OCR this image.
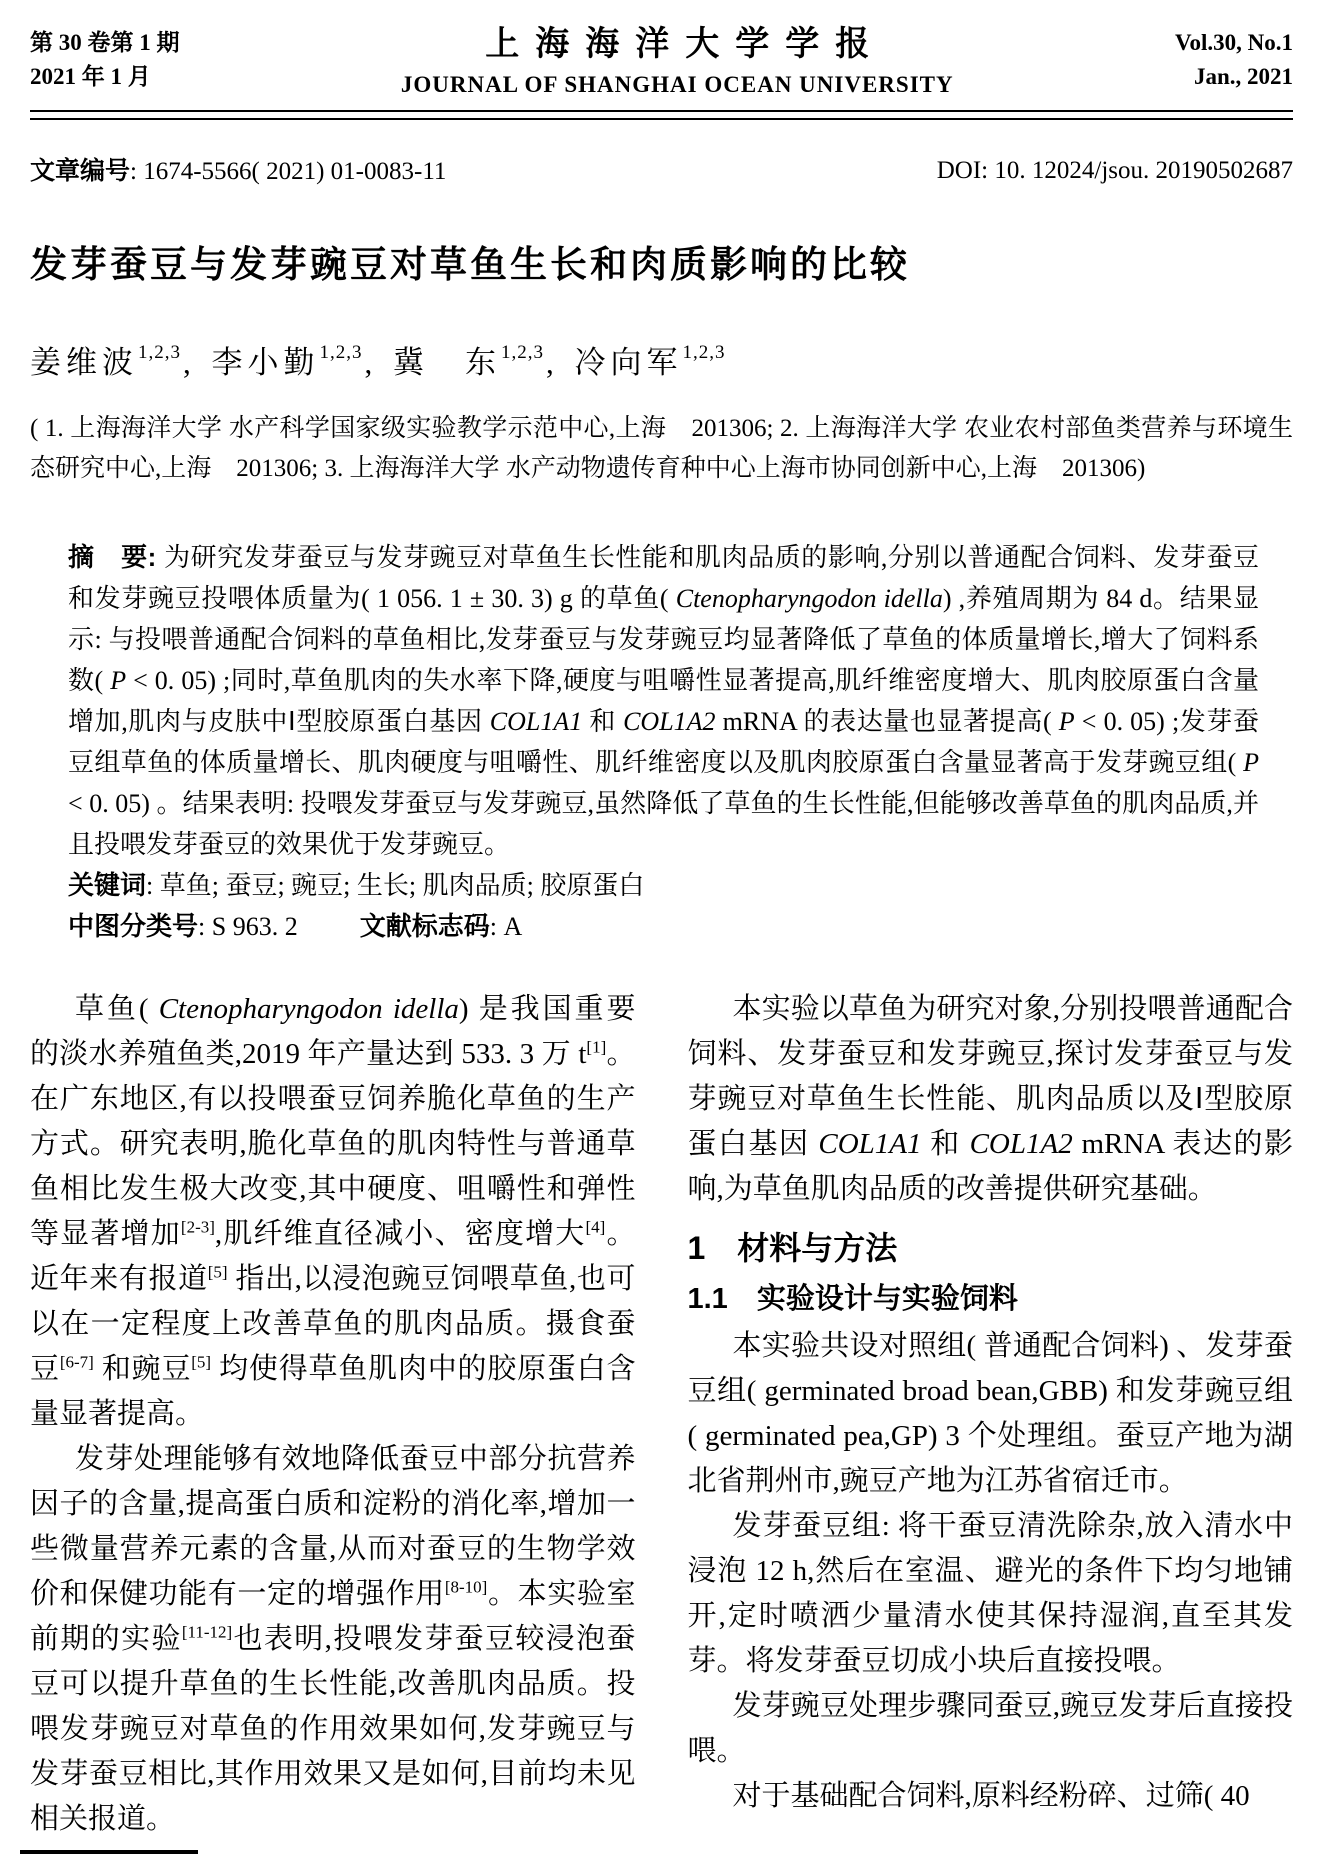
第 30 卷第 1 期
2021 年 1 月
上海海洋大学学报
JOURNAL OF SHANGHAI OCEAN UNIVERSITY
Vol.30, No.1
Jan., 2021
文章编号: 1674-5566( 2021) 01-0083-11	DOI: 10. 12024/jsou. 20190502687
发芽蚕豆与发芽豌豆对草鱼生长和肉质影响的比较
姜维波$^{1,2,3}$, 李小勤$^{1,2,3}$, 冀　东$^{1,2,3}$, 冷向军$^{1,2,3}$
( 1. 上海海洋大学 水产科学国家级实验教学示范中心,上海　201306; 2. 上海海洋大学 农业农村部鱼类营养与环境生态研究中心,上海　201306; 3. 上海海洋大学 水产动物遗传育种中心上海市协同创新中心,上海　201306)
摘　要: 为研究发芽蚕豆与发芽豌豆对草鱼生长性能和肌肉品质的影响,分别以普通配合饲料、发芽蚕豆和发芽豌豆投喂体质量为( 1 056. 1 ± 30. 3) g 的草鱼( Ctenopharyngodon idella) ,养殖周期为 84 d。结果显示: 与投喂普通配合饲料的草鱼相比,发芽蚕豆与发芽豌豆均显著降低了草鱼的体质量增长,增大了饲料系数( P < 0. 05) ;同时,草鱼肌肉的失水率下降,硬度与咀嚼性显著提高,肌纤维密度增大、肌肉胶原蛋白含量增加,肌肉与皮肤中Ⅰ型胶原蛋白基因 COL1A1 和 COL1A2 mRNA 的表达量也显著提高( P < 0. 05) ;发芽蚕豆组草鱼的体质量增长、肌肉硬度与咀嚼性、肌纤维密度以及肌肉胶原蛋白含量显著高于发芽豌豆组( P < 0. 05) 。结果表明: 投喂发芽蚕豆与发芽豌豆,虽然降低了草鱼的生长性能,但能够改善草鱼的肌肉品质,并且投喂发芽蚕豆的效果优于发芽豌豆。
关键词: 草鱼; 蚕豆; 豌豆; 生长; 肌肉品质; 胶原蛋白
中图分类号: S 963. 2 文献标志码: A

草鱼( Ctenopharyngodon idella) 是我国重要的淡水养殖鱼类,2019 年产量达到 533. 3 万 t[1]。在广东地区,有以投喂蚕豆饲养脆化草鱼的生产方式。研究表明,脆化草鱼的肌肉特性与普通草鱼相比发生极大改变,其中硬度、咀嚼性和弹性等显著增加[2-3],肌纤维直径减小、密度增大[4]。近年来有报道[5] 指出,以浸泡豌豆饲喂草鱼,也可以在一定程度上改善草鱼的肌肉品质。摄食蚕豆[6-7] 和豌豆[5] 均使得草鱼肌肉中的胶原蛋白含量显著提高。

发芽处理能够有效地降低蚕豆中部分抗营养因子的含量,提高蛋白质和淀粉的消化率,增加一些微量营养元素的含量,从而对蚕豆的生物学效价和保健功能有一定的增强作用[8-10]。本实验室前期的实验[11-12]也表明,投喂发芽蚕豆较浸泡蚕豆可以提升草鱼的生长性能,改善肌肉品质。投喂发芽豌豆对草鱼的作用效果如何,发芽豌豆与发芽蚕豆相比,其作用效果又是如何,目前均未见相关报道。

本实验以草鱼为研究对象,分别投喂普通配合饲料、发芽蚕豆和发芽豌豆,探讨发芽蚕豆与发芽豌豆对草鱼生长性能、肌肉品质以及Ⅰ型胶原蛋白基因 COL1A1 和 COL1A2 mRNA 表达的影响,为草鱼肌肉品质的改善提供研究基础。

1　材料与方法
1.1　实验设计与实验饲料

本实验共设对照组( 普通配合饲料) 、发芽蚕豆组( germinated broad bean,GBB) 和发芽豌豆组( germinated pea,GP) 3 个处理组。蚕豆产地为湖北省荆州市,豌豆产地为江苏省宿迁市。

发芽蚕豆组: 将干蚕豆清洗除杂,放入清水中浸泡 12 h,然后在室温、避光的条件下均匀地铺开,定时喷洒少量清水使其保持湿润,直至其发芽。将发芽蚕豆切成小块后直接投喂。

发芽豌豆处理步骤同蚕豆,豌豆发芽后直接投喂。

对于基础配合饲料,原料经粉碎、过筛( 40
